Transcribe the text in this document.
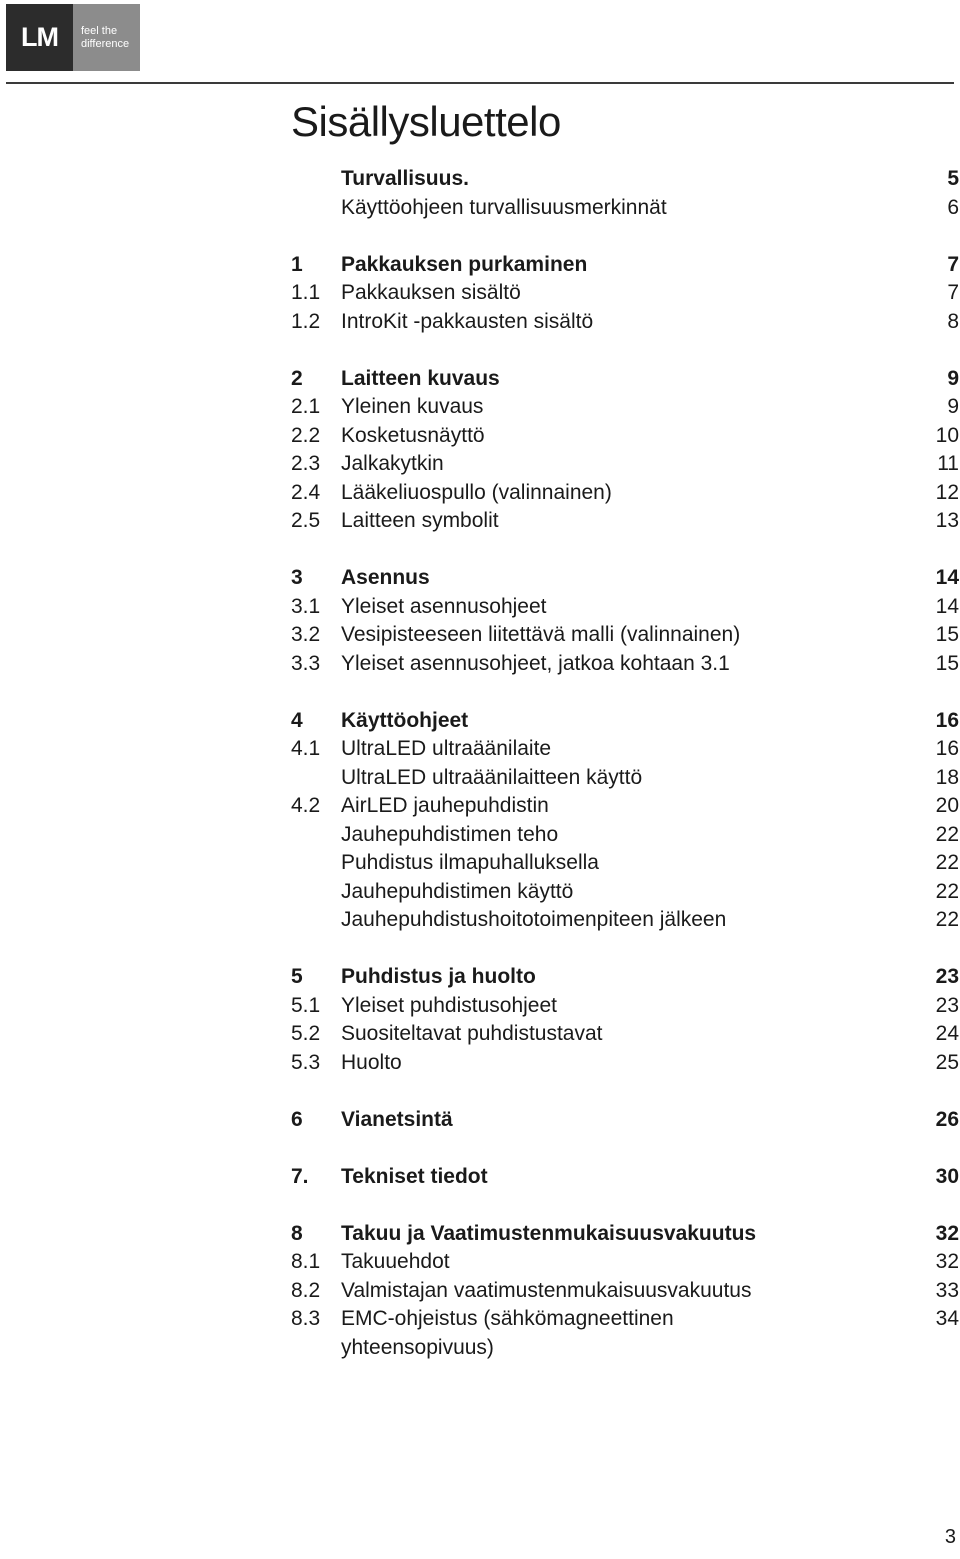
LM	feel the
difference
Sisällysluettelo
Turvallisuus.	5
Käyttöohjeen turvallisuusmerkinnät	6
1	Pakkauksen purkaminen	7
1.1 Pakkauksen sisältö	7
1.2 IntroKit -pakkausten sisältö	8
2	Laitteen kuvaus	9
2.1 Yleinen kuvaus	9
2.2 Kosketusnäyttö	10
2.3 Jalkakytkin	11
2.4 Lääkeliuospullo (valinnainen)	12
2.5 Laitteen symbolit	13
3	Asennus	14
3.1 Yleiset asennusohjeet	14
3.2 Vesipisteeseen liitettävä malli (valinnainen)	15
3.3 Yleiset asennusohjeet, jatkoa kohtaan 3.1	15
4	Käyttöohjeet	16
4.1 UltraLED ultraäänilaite	16
UltraLED ultraäänilaitteen käyttö	18
4.2 AirLED jauhepuhdistin	20
Jauhepuhdistimen teho	22
Puhdistus ilmapuhalluksella	22
Jauhepuhdistimen käyttö	22
Jauhepuhdistushoitotoimenpiteen jälkeen	22
5	Puhdistus ja huolto	23
5.1 Yleiset puhdistusohjeet	23
5.2 Suositeltavat puhdistustavat	24
5.3 Huolto	25
6	Vianetsintä	26
7.	Tekniset tiedot	30
8	Takuu ja Vaatimustenmukaisuusvakuutus	32
8.1 Takuuehdot	32
8.2 Valmistajan vaatimustenmukaisuusvakuutus	33
8.3 EMC-ohjeistus (sähkömagneettinen	34
yhteensopivuus)
3
